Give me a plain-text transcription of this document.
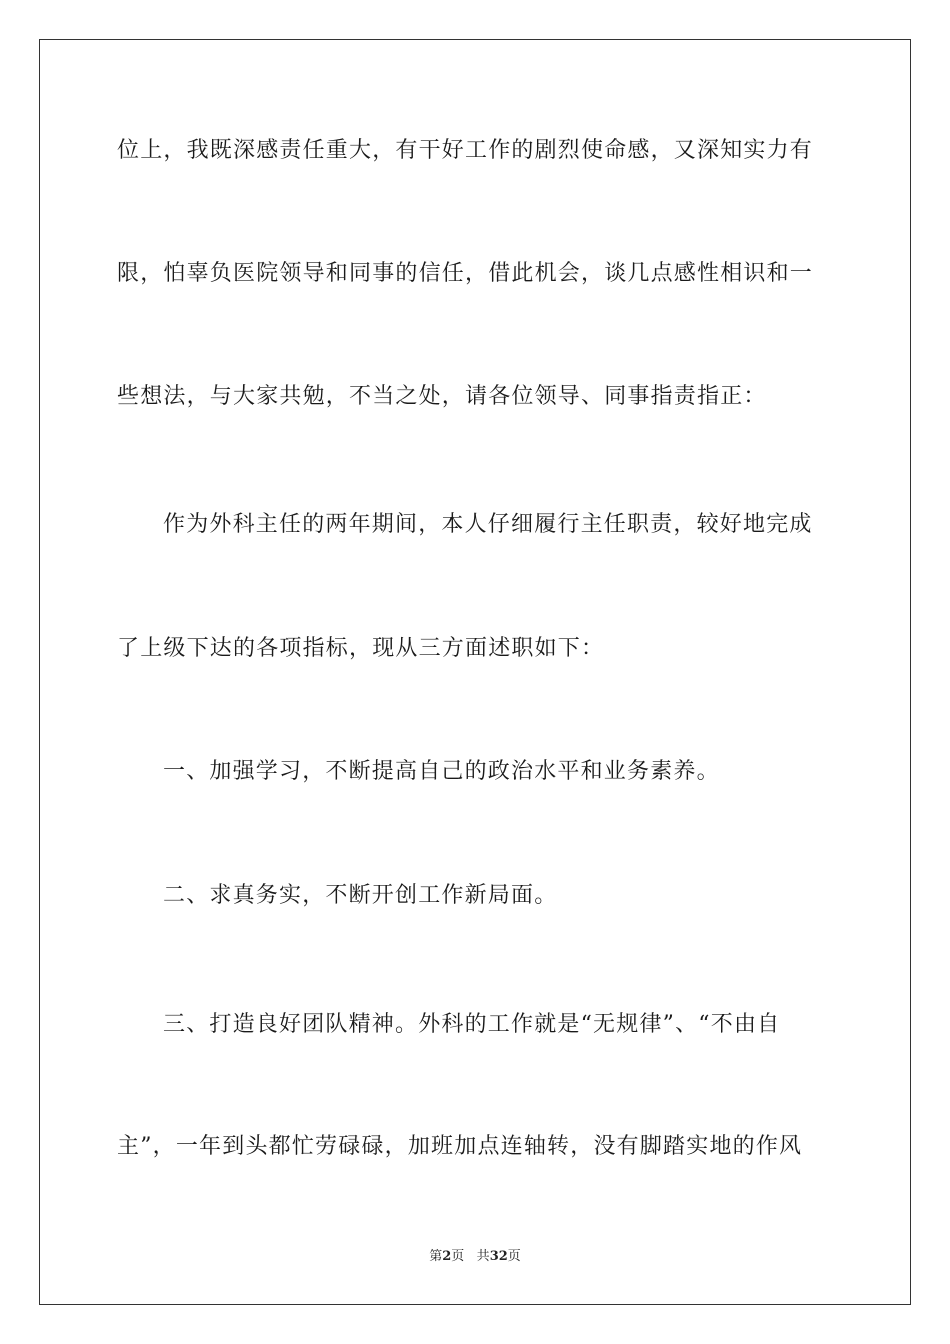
位上，我既深感责任重大，有干好工作的剧烈使命感，又深知实力有
限，怕辜负医院领导和同事的信任，借此机会，谈几点感性相识和一
些想法，与大家共勉，不当之处，请各位领导、同事指责指正：
作为外科主任的两年期间，本人仔细履行主任职责，较好地完成
了上级下达的各项指标，现从三方面述职如下：
一、加强学习，不断提高自己的政治水平和业务素养。
二、求真务实，不断开创工作新局面。
三、打造良好团队精神。外科的工作就是“无规律”、“不由自
主”，一年到头都忙劳碌碌，加班加点连轴转，没有脚踏实地的作风
第2页 共32页
